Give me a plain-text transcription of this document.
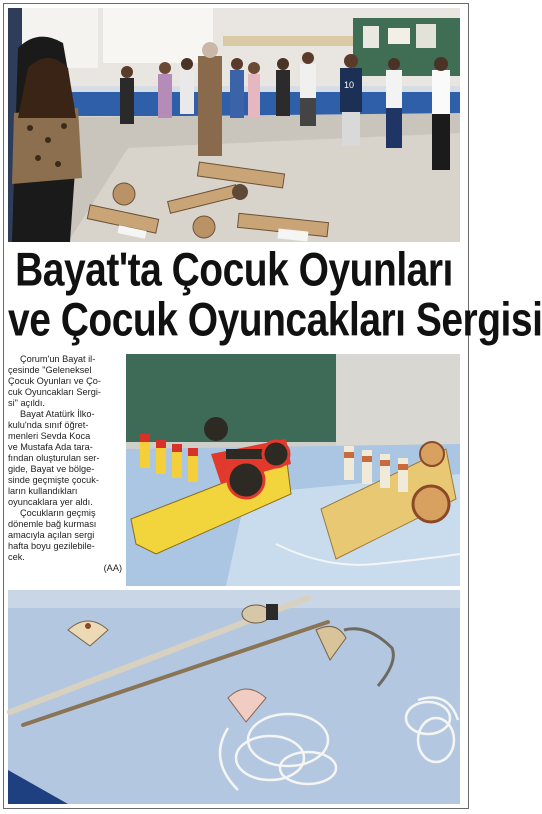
10
Bayat'ta Çocuk Oyunları
ve Çocuk Oyuncakları Sergisi

Çorum'un Bayat il-
çesinde "Geleneksel
Çocuk Oyunları ve Ço-
cuk Oyuncakları Sergi-
si" açıldı.

Bayat Atatürk İlko-
kulu'nda sınıf öğret-
menleri Sevda Koca
ve Mustafa Ada tara-
fından oluşturulan ser-
gide, Bayat ve bölge-
sinde geçmişte çocuk-
ların kullandıkları
oyuncaklara yer aldı.

Çocukların geçmiş
dönemle bağ kurması
amacıyla açılan sergi
hafta boyu gezilebile-
cek.

(AA)
